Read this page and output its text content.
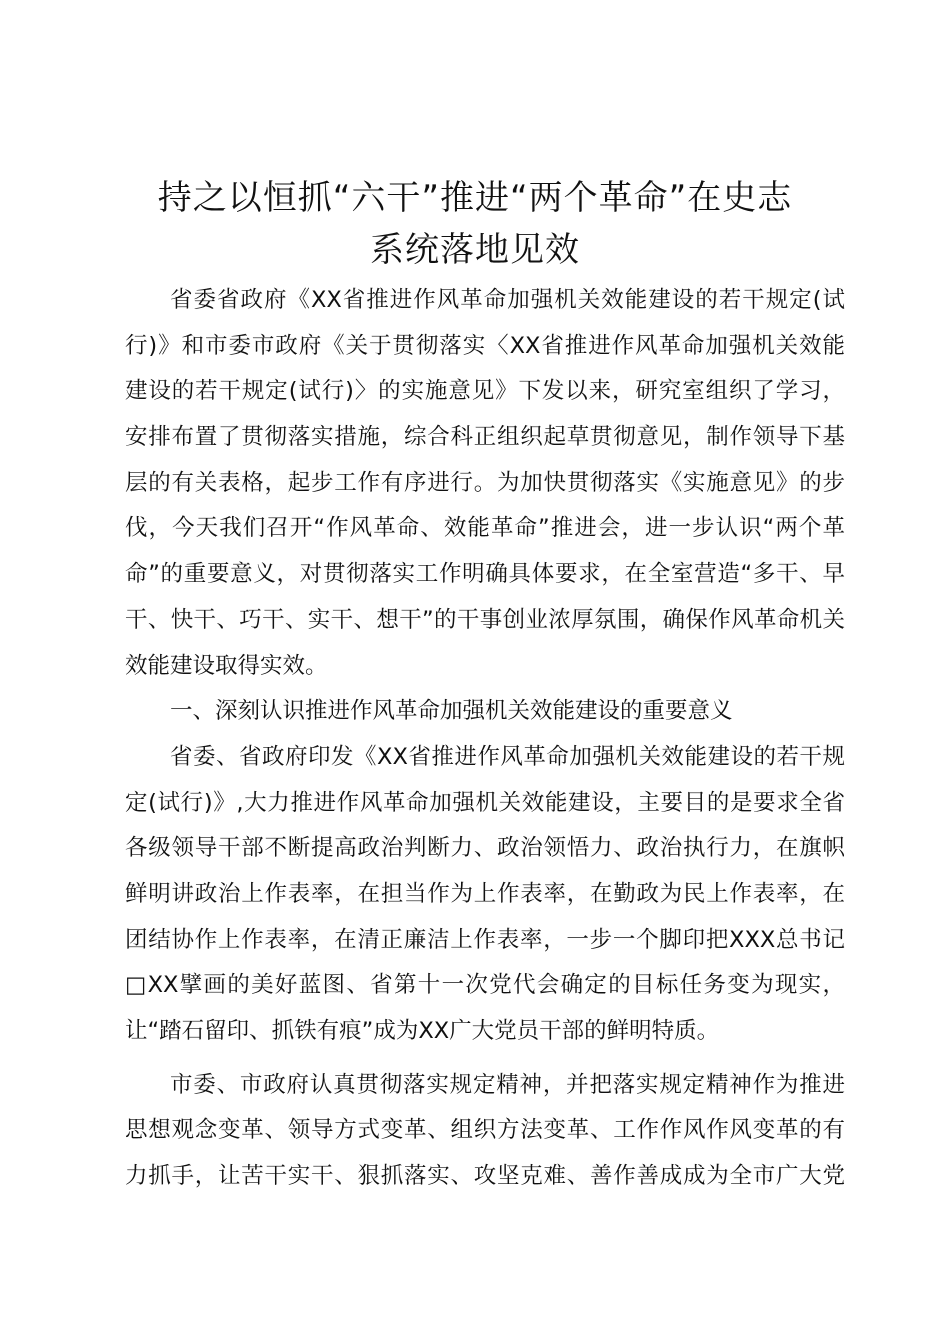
持之以恒抓“六干”推进“两个革命”在史志
系统落地见效
省委省政府《XX省推进作风革命加强机关效能建设的若干规定(试
行)》和市委市政府《关于贯彻落实〈XX省推进作风革命加强机关效能
建设的若干规定(试行)〉的实施意见》下发以来，研究室组织了学习，
安排布置了贯彻落实措施，综合科正组织起草贯彻意见，制作领导下基
层的有关表格，起步工作有序进行。为加快贯彻落实《实施意见》的步
伐，今天我们召开“作风革命、效能革命”推进会，进一步认识“两个革
命”的重要意义，对贯彻落实工作明确具体要求，在全室营造“多干、早
干、快干、巧干、实干、想干”的干事创业浓厚氛围，确保作风革命机关
效能建设取得实效。
一、深刻认识推进作风革命加强机关效能建设的重要意义
省委、省政府印发《XX省推进作风革命加强机关效能建设的若干规
定(试行)》,大力推进作风革命加强机关效能建设，主要目的是要求全省
各级领导干部不断提高政治判断力、政治领悟力、政治执行力，在旗帜
鲜明讲政治上作表率，在担当作为上作表率，在勤政为民上作表率，在
团结协作上作表率，在清正廉洁上作表率，一步一个脚印把XXX总书记
□XX擘画的美好蓝图、省第十一次党代会确定的目标任务变为现实，
让“踏石留印、抓铁有痕”成为XX广大党员干部的鲜明特质。
市委、市政府认真贯彻落实规定精神，并把落实规定精神作为推进
思想观念变革、领导方式变革、组织方法变革、工作作风作风变革的有
力抓手，让苦干实干、狠抓落实、攻坚克难、善作善成成为全市广大党
